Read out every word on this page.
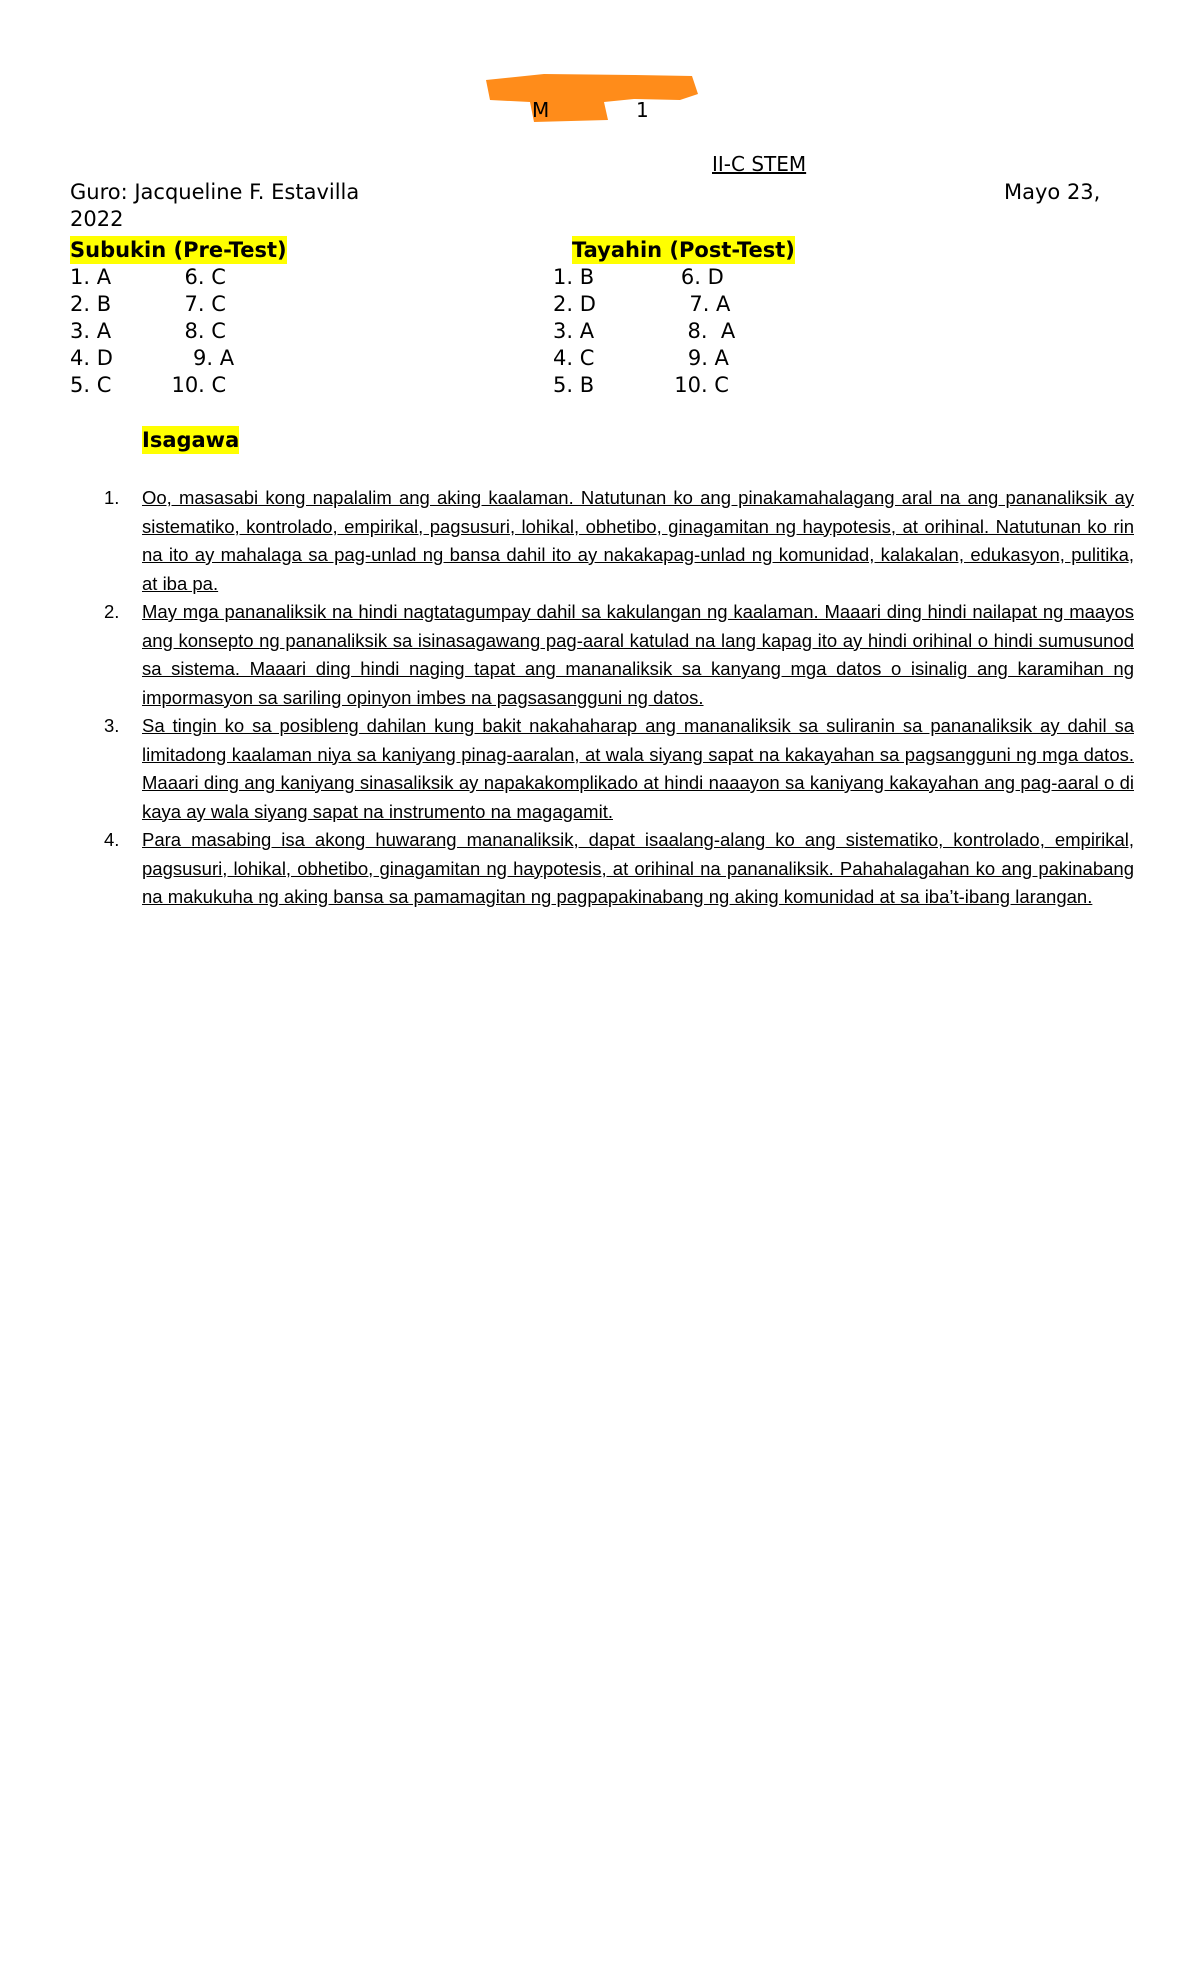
M	1
II-C STEM
Guro: Jacqueline F. Estavilla	Mayo 23,
2022
Subukin (Pre-Test)	Tayahin (Post-Test)
1. A           6. C
2. B           7. C
3. A           8. C
4. D            9. A
5. C         10. C
1. B             6. D
2. D              7. A
3. A              8.  A
4. C              9. A
5. B            10. C
Isagawa
1. Oo, masasabi kong napalalim ang aking kaalaman. Natutunan ko ang pinakamahalagang aral na ang pananaliksik ay sistematiko, kontrolado, empirikal, pagsusuri, lohikal, obhetibo, ginagamitan ng haypotesis, at orihinal. Natutunan ko rin na ito ay mahalaga sa pag-unlad ng bansa dahil ito ay nakakapag-unlad ng komunidad, kalakalan, edukasyon, pulitika, at iba pa.
2. May mga pananaliksik na hindi nagtatagumpay dahil sa kakulangan ng kaalaman. Maaari ding hindi nailapat ng maayos ang konsepto ng pananaliksik sa isinasagawang pag-aaral katulad na lang kapag ito ay hindi orihinal o hindi sumusunod sa sistema. Maaari ding hindi naging tapat ang mananaliksik sa kanyang mga datos o isinalig ang karamihan ng impormasyon sa sariling opinyon imbes na pagsasangguni ng datos.
3. Sa tingin ko sa posibleng dahilan kung bakit nakahaharap ang mananaliksik sa suliranin sa pananaliksik ay dahil sa limitadong kaalaman niya sa kaniyang pinag-aaralan, at wala siyang sapat na kakayahan sa pagsangguni ng mga datos. Maaari ding ang kaniyang sinasaliksik ay napakakomplikado at hindi naaayon sa kaniyang kakayahan ang pag-aaral o di kaya ay wala siyang sapat na instrumento na magagamit.
4. Para masabing isa akong huwarang mananaliksik, dapat isaalang-alang ko ang sistematiko, kontrolado, empirikal, pagsusuri, lohikal, obhetibo, ginagamitan ng haypotesis, at orihinal na pananaliksik. Pahahalagahan ko ang pakinabang na makukuha ng aking bansa sa pamamagitan ng pagpapakinabang ng aking komunidad at sa iba’t-ibang larangan.
